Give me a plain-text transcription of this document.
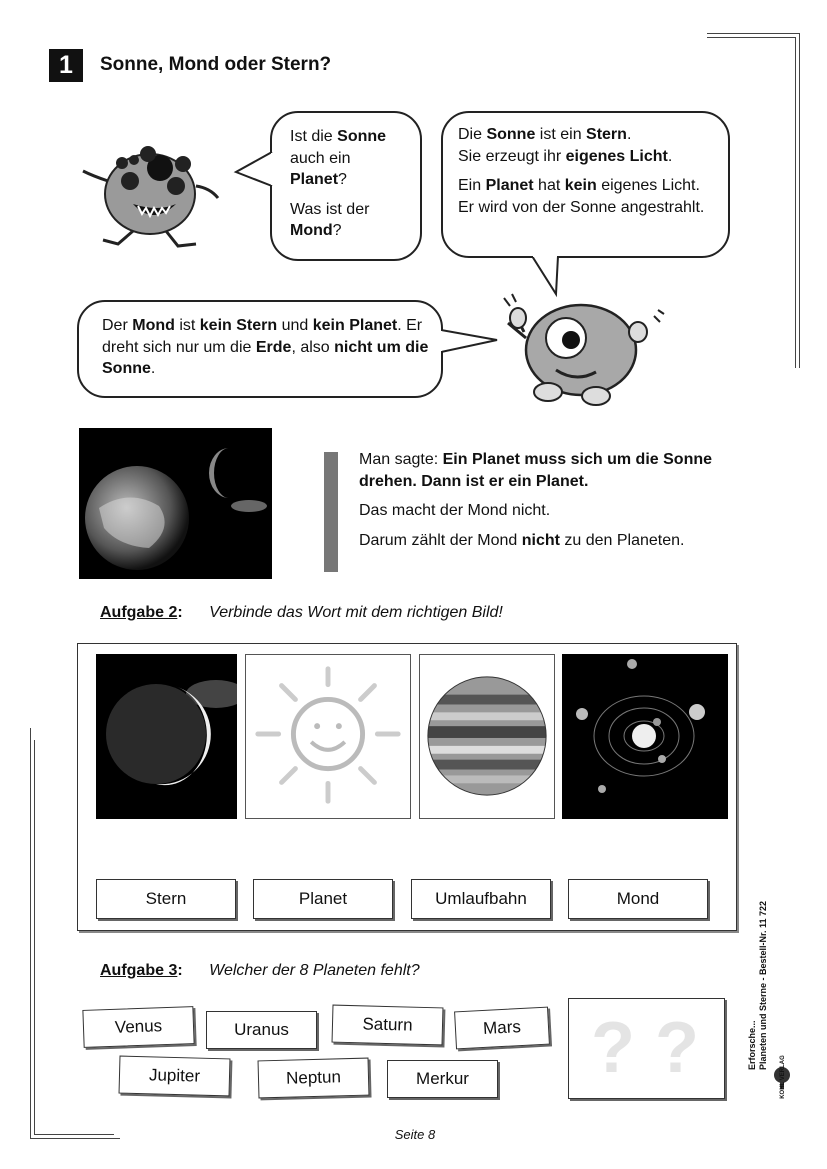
1	Sonne, Mond oder Stern?

Ist die Sonne auch ein Planet?

Was ist der Mond?

Die Sonne ist ein Stern.
Sie erzeugt ihr eigenes Licht.

Ein Planet hat kein eigenes Licht. Er wird von der Sonne angestrahlt.

Der Mond ist kein Stern und kein Planet. Er dreht sich nur um die Erde, also nicht um die Sonne.

Man sagte: Ein Planet muss sich um die Sonne drehen. Dann ist er ein Planet.

Das macht der Mond nicht.

Darum zählt der Mond nicht zu den Planeten.

Aufgabe 2: Verbinde das Wort mit dem richtigen Bild!
Stern	Planet	Umlaufbahn	Mond
Aufgabe 3: Welcher der 8 Planeten fehlt?
Venus	Uranus	Saturn	Mars
Jupiter	Neptun	Merkur	? ?	Erforsche... Planeten und Sterne - Bestell-Nr. 11 722
KOHL VERLAG
Seite 8
